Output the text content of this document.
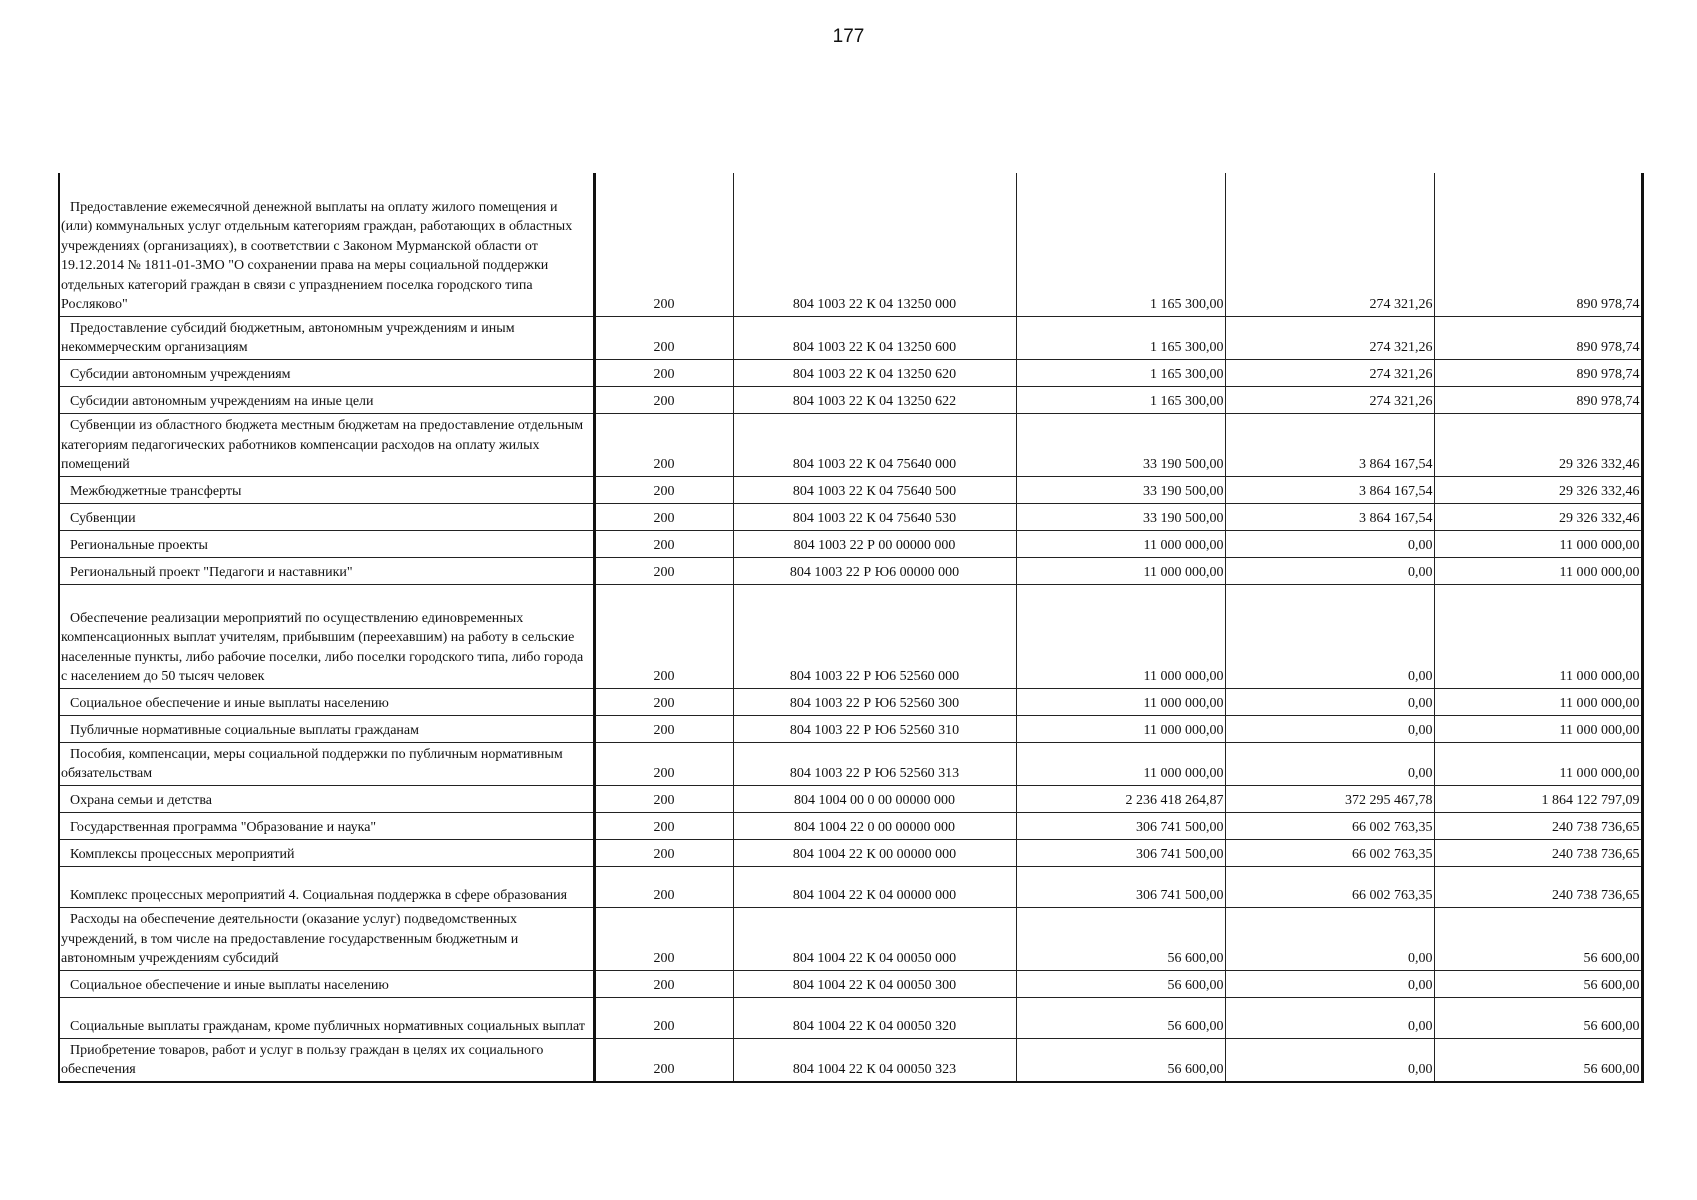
177
Предоставление ежемесячной денежной выплаты на оплату жилого помещения и (или) коммунальных услуг отдельным категориям граждан, работающих в областных учреждениях (организациях), в соответствии с Законом Мурманской области от 19.12.2014 № 1811-01-ЗМО "О сохранении права на меры социальной поддержки отдельных категорий граждан в связи с упразднением поселка городского типа Росляково"	200	804 1003 22 К 04 13250 000	1 165 300,00	274 321,26	890 978,74
Предоставление субсидий бюджетным, автономным учреждениям и иным некоммерческим организациям	200	804 1003 22 К 04 13250 600	1 165 300,00	274 321,26	890 978,74
Субсидии автономным учреждениям	200	804 1003 22 К 04 13250 620	1 165 300,00	274 321,26	890 978,74
Субсидии автономным учреждениям на иные цели	200	804 1003 22 К 04 13250 622	1 165 300,00	274 321,26	890 978,74
Субвенции из областного бюджета местным бюджетам на предоставление отдельным категориям педагогических работников компенсации расходов на оплату жилых помещений	200	804 1003 22 К 04 75640 000	33 190 500,00	3 864 167,54	29 326 332,46
Межбюджетные трансферты	200	804 1003 22 К 04 75640 500	33 190 500,00	3 864 167,54	29 326 332,46
Субвенции	200	804 1003 22 К 04 75640 530	33 190 500,00	3 864 167,54	29 326 332,46
Региональные проекты	200	804 1003 22 Р 00 00000 000	11 000 000,00	0,00	11 000 000,00
Региональный проект "Педагоги и наставники"	200	804 1003 22 Р Ю6 00000 000	11 000 000,00	0,00	11 000 000,00
Обеспечение реализации мероприятий по осуществлению единовременных компенсационных выплат учителям, прибывшим (переехавшим) на работу в сельские населенные пункты, либо рабочие поселки, либо поселки городского типа, либо города с населением до 50 тысяч человек	200	804 1003 22 Р Ю6 52560 000	11 000 000,00	0,00	11 000 000,00
Социальное обеспечение и иные выплаты населению	200	804 1003 22 Р Ю6 52560 300	11 000 000,00	0,00	11 000 000,00
Публичные нормативные социальные выплаты гражданам	200	804 1003 22 Р Ю6 52560 310	11 000 000,00	0,00	11 000 000,00
Пособия, компенсации, меры социальной поддержки по публичным нормативным обязательствам	200	804 1003 22 Р Ю6 52560 313	11 000 000,00	0,00	11 000 000,00
Охрана семьи и детства	200	804 1004 00 0 00 00000 000	2 236 418 264,87	372 295 467,78	1 864 122 797,09
Государственная программа "Образование и наука"	200	804 1004 22 0 00 00000 000	306 741 500,00	66 002 763,35	240 738 736,65
Комплексы процессных мероприятий	200	804 1004 22 К 00 00000 000	306 741 500,00	66 002 763,35	240 738 736,65
Комплекс процессных мероприятий 4. Социальная поддержка в сфере образования	200	804 1004 22 К 04 00000 000	306 741 500,00	66 002 763,35	240 738 736,65
Расходы на обеспечение деятельности (оказание услуг) подведомственных учреждений, в том числе на предоставление государственным бюджетным и автономным учреждениям субсидий	200	804 1004 22 К 04 00050 000	56 600,00	0,00	56 600,00
Социальное обеспечение и иные выплаты населению	200	804 1004 22 К 04 00050 300	56 600,00	0,00	56 600,00
Социальные выплаты гражданам, кроме публичных нормативных социальных выплат	200	804 1004 22 К 04 00050 320	56 600,00	0,00	56 600,00
Приобретение товаров, работ и услуг в пользу граждан в целях их социального обеспечения	200	804 1004 22 К 04 00050 323	56 600,00	0,00	56 600,00
